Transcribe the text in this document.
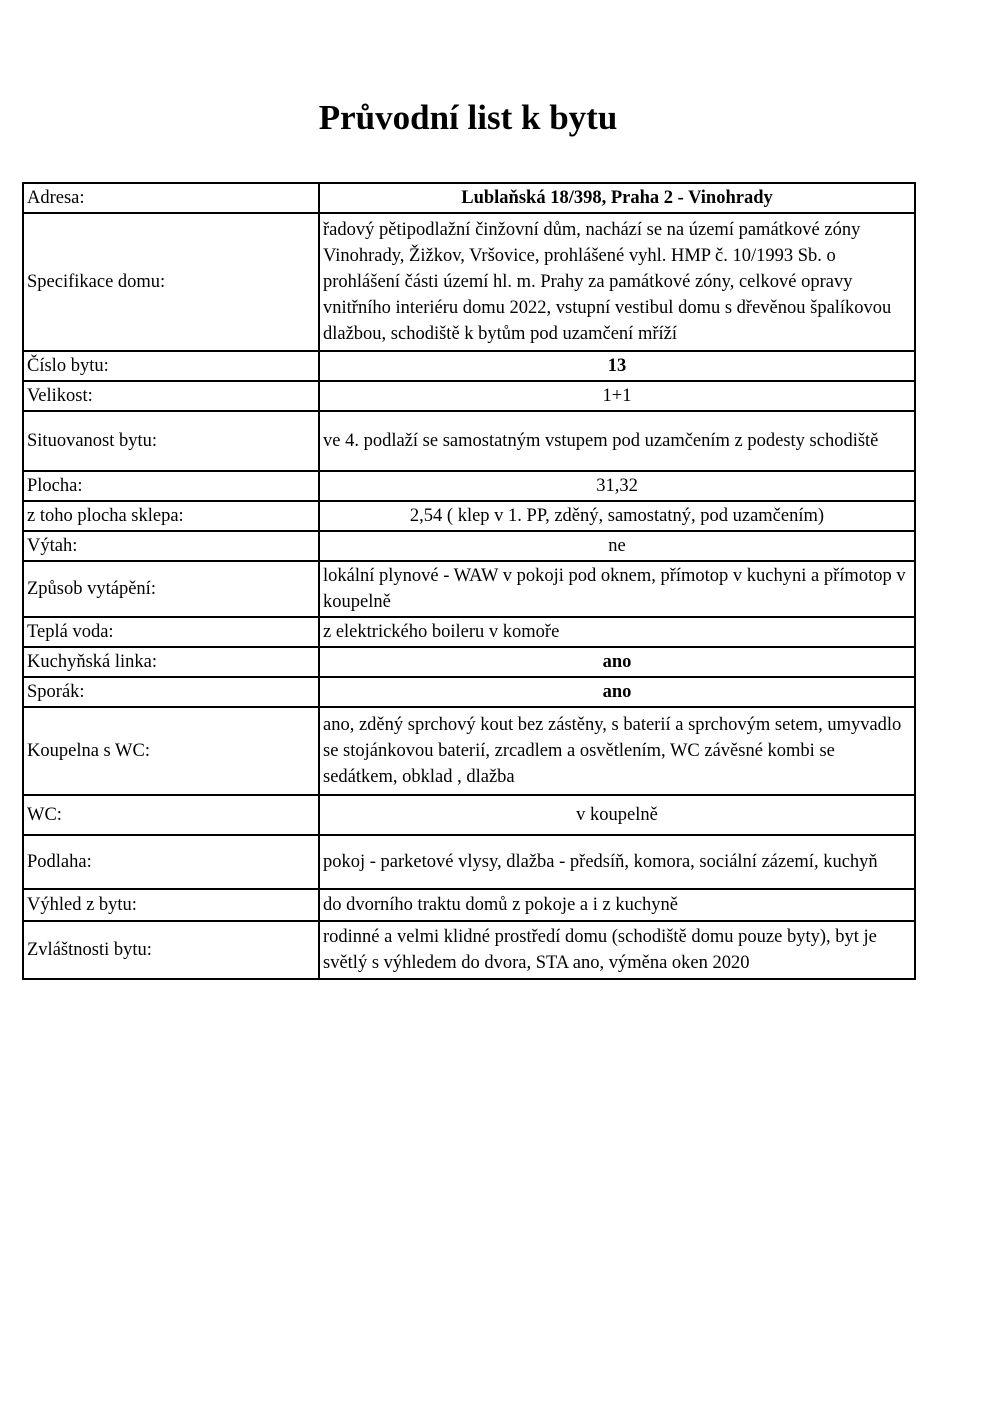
Průvodní list k bytu
Adresa:	Lublaňská 18/398, Praha 2 - Vinohrady
Specifikace domu:	řadový pětipodlažní činžovní dům, nachází se na území památkové zóny Vinohrady, Žižkov, Vršovice, prohlášené vyhl. HMP č. 10/1993 Sb. o prohlášení části území hl. m. Prahy za památkové zóny, celkové opravy vnitřního interiéru domu 2022, vstupní vestibul domu s dřevěnou špalíkovou dlažbou, schodiště k bytům pod uzamčení mříží
Číslo bytu:	13
Velikost:	1+1
Situovanost bytu:	ve 4. podlaží se samostatným vstupem pod uzamčením z podesty schodiště
Plocha:	31,32
z toho plocha sklepa:	2,54 ( klep v 1. PP, zděný, samostatný, pod uzamčením)
Výtah:	ne
Způsob vytápění:	lokální plynové - WAW v pokoji pod oknem, přímotop v kuchyni a přímotop v koupelně
Teplá voda:	z elektrického boileru v komoře
Kuchyňská linka:	ano
Sporák:	ano
Koupelna s WC:	ano, zděný sprchový kout bez zástěny, s baterií a sprchovým setem, umyvadlo se stojánkovou baterií, zrcadlem a osvětlením, WC závěsné kombi se sedátkem, obklad , dlažba
WC:	v koupelně
Podlaha:	pokoj - parketové vlysy, dlažba - předsíň, komora, sociální zázemí, kuchyň
Výhled z bytu:	do dvorního traktu domů z pokoje a i z kuchyně
Zvláštnosti bytu:	rodinné a velmi klidné prostředí domu (schodiště domu pouze byty), byt je světlý s výhledem do dvora, STA ano, výměna oken 2020
